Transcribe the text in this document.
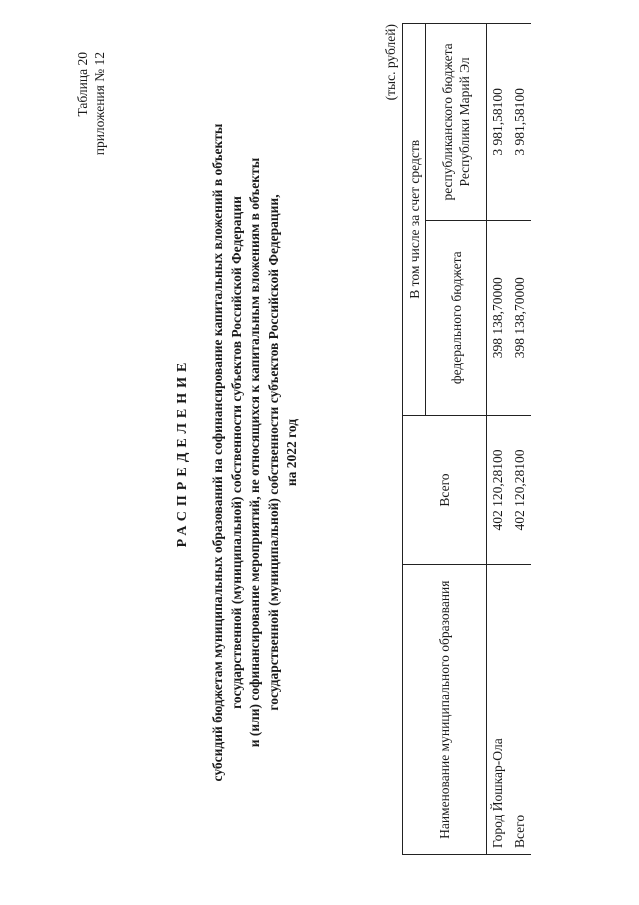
Таблица 20 приложения № 12
РАСПРЕДЕЛЕНИЕ субсидий бюджетам муниципальных образований на софинансирование капитальных вложений в объекты государственной (муниципальной) собственности субъектов Российской Федерации и (или) софинансирование мероприятий, не относящихся к капитальным вложениям в объекты государственной (муниципальной) собственности субъектов Российской Федерации, на 2022 год
(тыс. рублей)
Наименование муниципального образования	Всего	В том числе за счет средств	
		федерального бюджета	республиканского бюджета Республики Марий Эл
Город Йошкар-Ола	402 120,28100	398 138,70000	3 981,58100
Всего	402 120,28100	398 138,70000	3 981,58100
